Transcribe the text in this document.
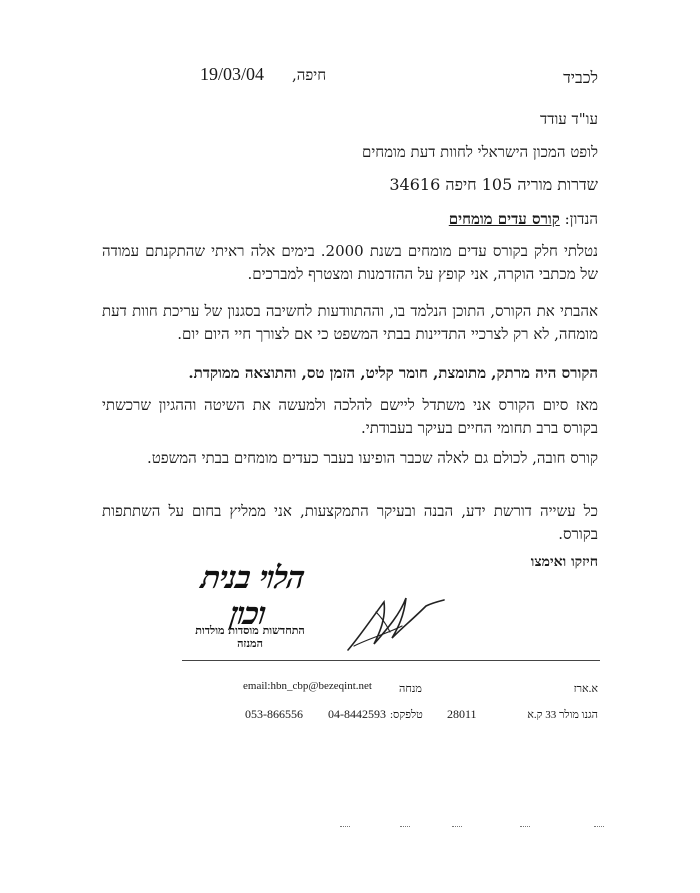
לכביד
חיפה,
19/03/04
עו"ד עודד
לופט המכון הישראלי לחוות דעת מומחים
שדרות מוריה 105 חיפה 34616
הנדון: קורס עדים מומחים
נטלתי חלק בקורס עדים מומחים בשנת 2000. בימים אלה ראיתי שהתקנתם עמודה של מכתבי הוקרה, אני קופץ על ההזדמנות ומצטרף למברכים.
אהבתי את הקורס, התוכן הנלמד בו, וההתוודעות לחשיבה בסגנון של עריכת חוות דעת מומחה, לא רק לצרכיי התדיינות בבתי המשפט כי אם לצורך חיי היום יום.
הקורס היה מרתק, מתומצת, חומר קליט, הזמן טס, והתוצאה ממוקדת.
מאז סיום הקורס אני משתדל ליישם להלכה ולמעשה את השיטה וההגיון שרכשתי בקורס ברב תחומי החיים בעיקר בעבודתי.
קורס חובה, לכולם גם לאלה שכבר הופיעו בעבר כעדים מומחים בבתי המשפט.
כל עשייה דורשת ידע, הבנה ובעיקר התמקצעות, אני ממליץ בחום על השתתפות בקורס.
חיזקו ואימצו
הלוי בנית וכון
התחדשות מוסדות מולדות המנזה
email:hbn_cbp@bezeqint.net	א.ארז
מנחה
053-866556 04-8442593 טלפקס: 28011	הגנו מולר 33 ק.א
